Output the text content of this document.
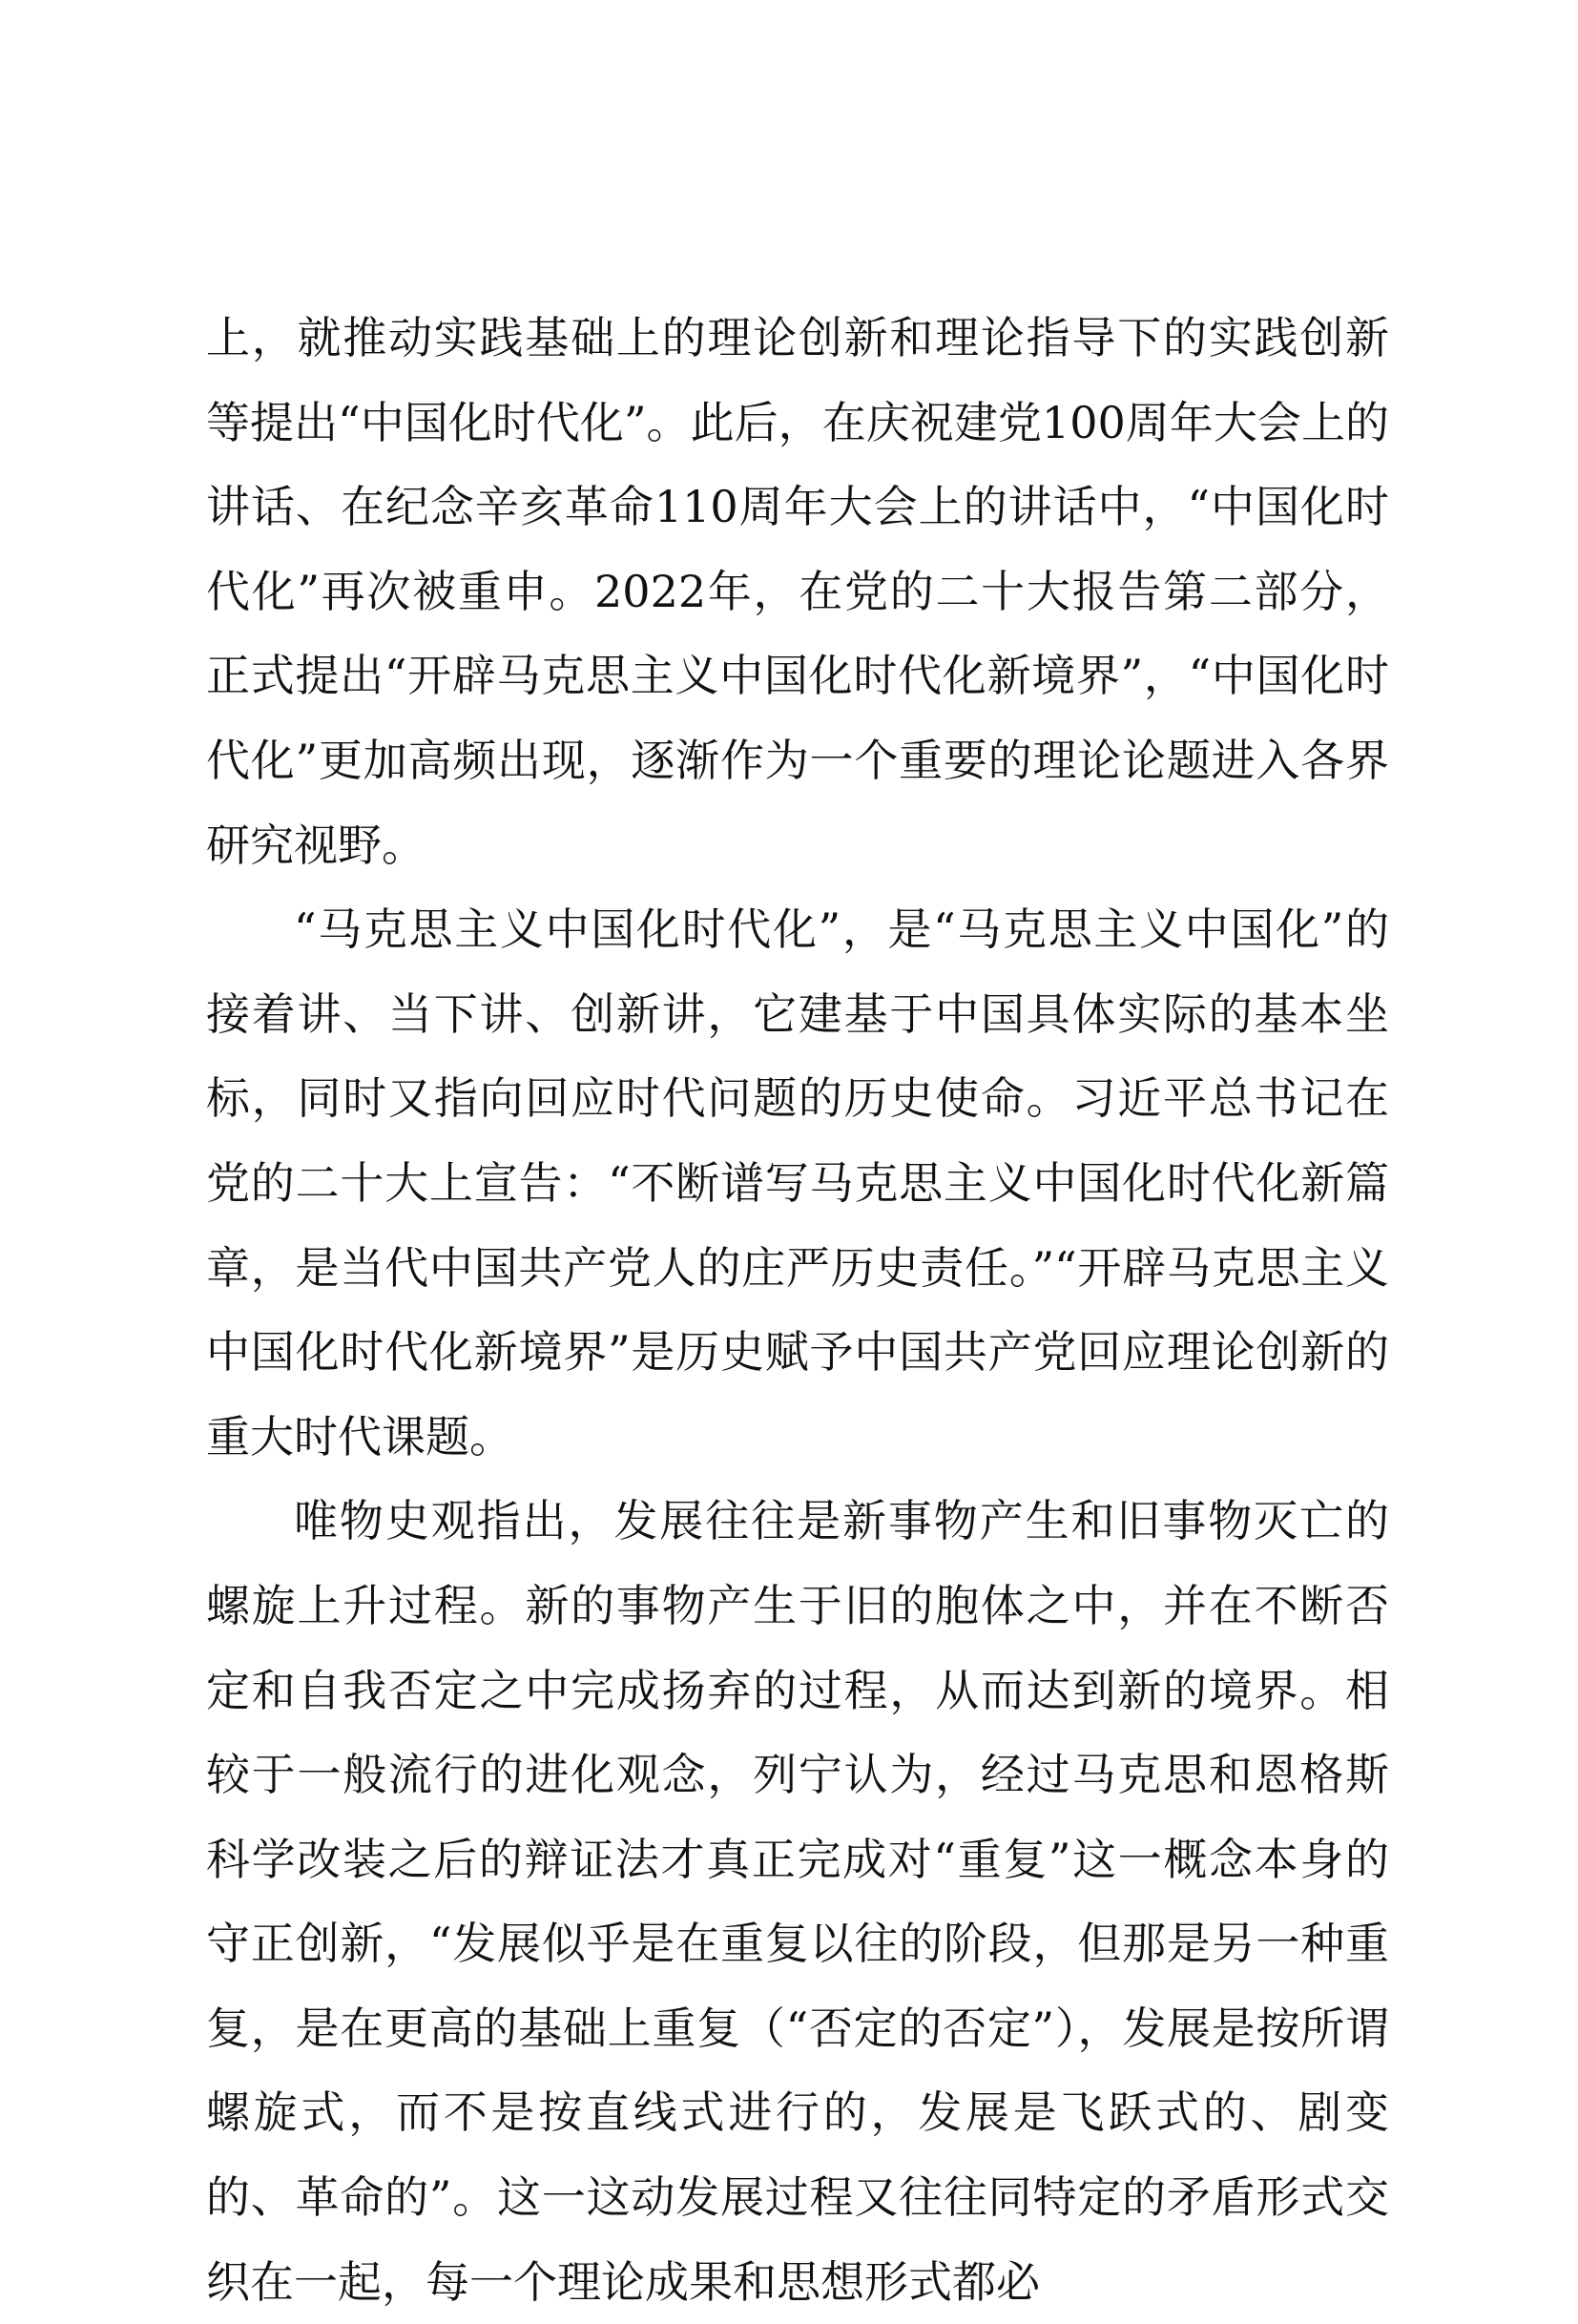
上，就推动实践基础上的理论创新和理论指导下的实践创新等提出“中国化时代化”。此后，在庆祝建党100周年大会上的讲话、在纪念辛亥革命110周年大会上的讲话中，“中国化时代化”再次被重申。2022年，在党的二十大报告第二部分，正式提出“开辟马克思主义中国化时代化新境界”，“中国化时代化”更加高频出现，逐渐作为一个重要的理论论题进入各界研究视野。

“马克思主义中国化时代化”，是“马克思主义中国化”的接着讲、当下讲、创新讲，它建基于中国具体实际的基本坐标，同时又指向回应时代问题的历史使命。习近平总书记在党的二十大上宣告：“不断谱写马克思主义中国化时代化新篇章，是当代中国共产党人的庄严历史责任。”“开辟马克思主义中国化时代化新境界”是历史赋予中国共产党回应理论创新的重大时代课题。

唯物史观指出，发展往往是新事物产生和旧事物灭亡的螺旋上升过程。新的事物产生于旧的胞体之中，并在不断否定和自我否定之中完成扬弃的过程，从而达到新的境界。相较于一般流行的进化观念，列宁认为，经过马克思和恩格斯科学改装之后的辩证法才真正完成对“重复”这一概念本身的守正创新，“发展似乎是在重复以往的阶段，但那是另一种重复，是在更高的基础上重复（“否定的否定”），发展是按所谓螺旋式，而不是按直线式进行的，发展是飞跃式的、剧变的、革命的”。这一这动发展过程又往往同特定的矛盾形式交织在一起，每一个理论成果和思想形式都必
